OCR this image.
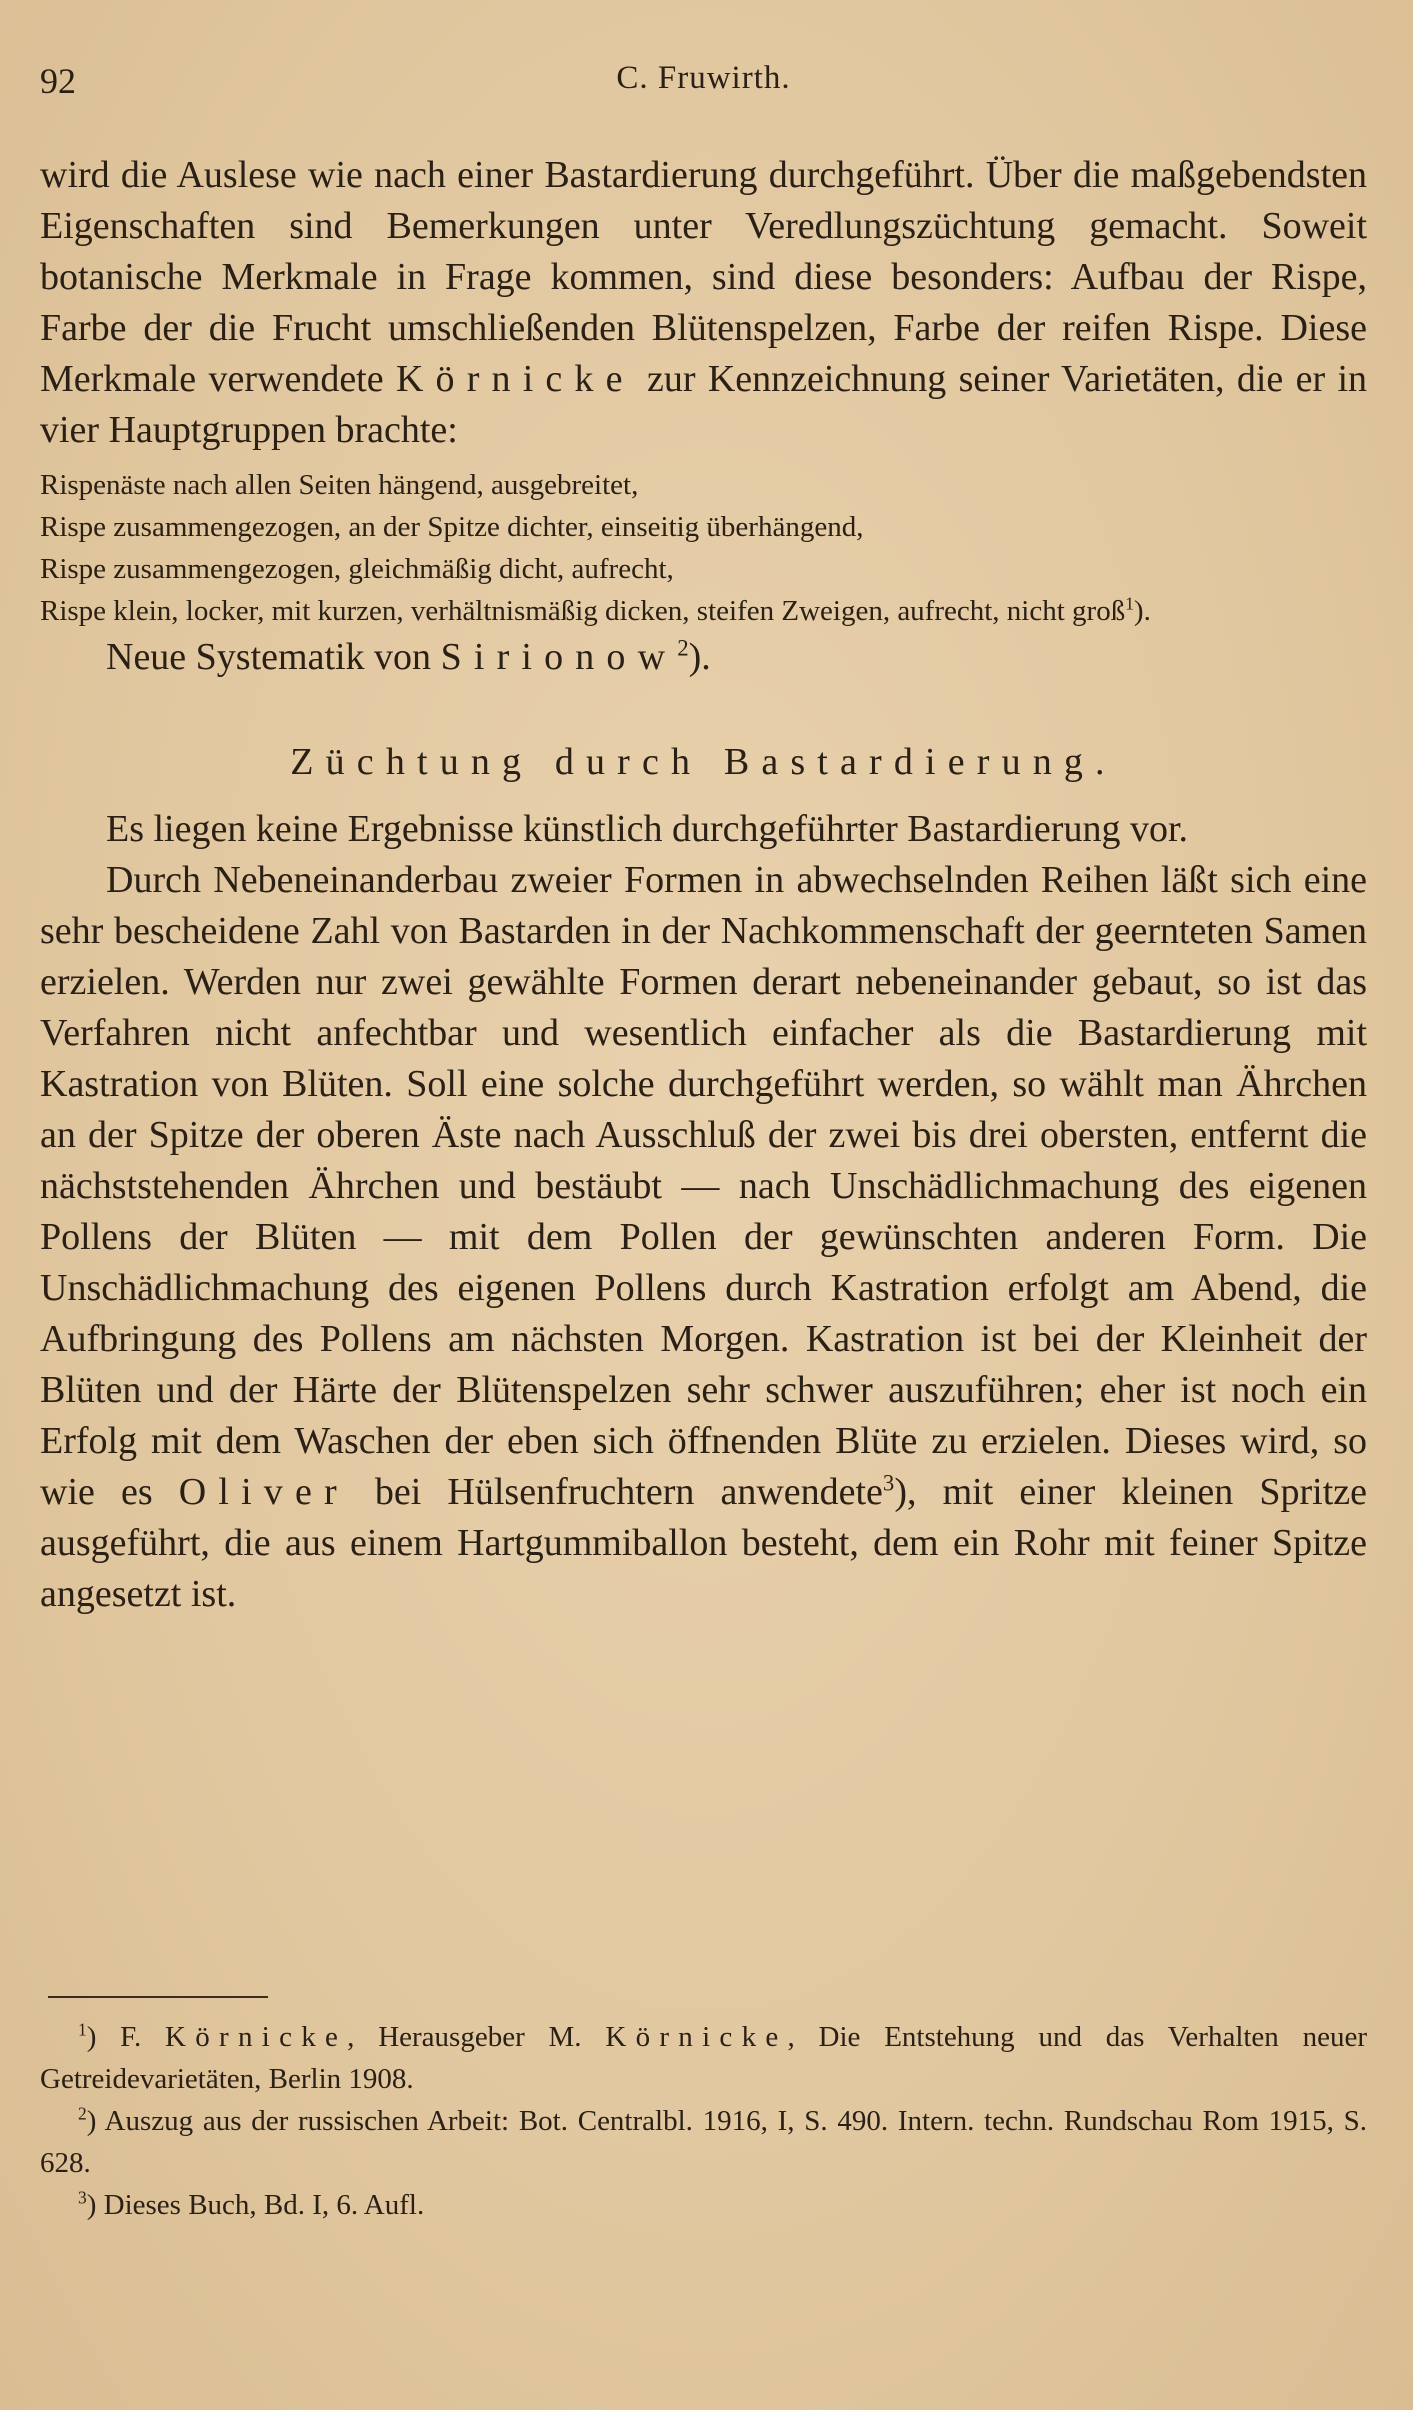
92	C. Fruwirth.

wird die Auslese wie nach einer Bastardierung durchgeführt. Über die maßgebendsten Eigenschaften sind Bemerkungen unter Veredlungszüchtung gemacht. Soweit botanische Merkmale in Frage kommen, sind diese besonders: Aufbau der Rispe, Farbe der die Frucht umschließenden Blütenspelzen, Farbe der reifen Rispe. Diese Merkmale verwendete Körnicke zur Kennzeichnung seiner Varietäten, die er in vier Hauptgruppen brachte:

Rispenäste nach allen Seiten hängend, ausgebreitet,
Rispe zusammengezogen, an der Spitze dichter, einseitig überhängend,
Rispe zusammengezogen, gleichmäßig dicht, aufrecht,
Rispe klein, locker, mit kurzen, verhältnismäßig dicken, steifen Zweigen, aufrecht, nicht groß$^1$).

Neue Systematik von Sirionow$^2$).

Züchtung durch Bastardierung.

Es liegen keine Ergebnisse künstlich durchgeführter Bastardierung vor.

Durch Nebeneinanderbau zweier Formen in abwechselnden Reihen läßt sich eine sehr bescheidene Zahl von Bastarden in der Nachkommenschaft der geernteten Samen erzielen. Werden nur zwei gewählte Formen derart nebeneinander gebaut, so ist das Verfahren nicht anfechtbar und wesentlich einfacher als die Bastardierung mit Kastration von Blüten. Soll eine solche durchgeführt werden, so wählt man Ährchen an der Spitze der oberen Äste nach Ausschluß der zwei bis drei obersten, entfernt die nächststehenden Ährchen und bestäubt — nach Unschädlichmachung des eigenen Pollens der Blüten — mit dem Pollen der gewünschten anderen Form. Die Unschädlichmachung des eigenen Pollens durch Kastration erfolgt am Abend, die Aufbringung des Pollens am nächsten Morgen. Kastration ist bei der Kleinheit der Blüten und der Härte der Blütenspelzen sehr schwer auszuführen; eher ist noch ein Erfolg mit dem Waschen der eben sich öffnenden Blüte zu erzielen. Dieses wird, so wie es Oliver bei Hülsenfruchtern anwendete$^3$), mit einer kleinen Spritze ausgeführt, die aus einem Hartgummiballon besteht, dem ein Rohr mit feiner Spitze angesetzt ist.

$^1$) F. Körnicke, Herausgeber M. Körnicke, Die Entstehung und das Verhalten neuer Getreidevarietäten, Berlin 1908.

$^2$) Auszug aus der russischen Arbeit: Bot. Centralbl. 1916, I, S. 490. Intern. techn. Rundschau Rom 1915, S. 628.

$^3$) Dieses Buch, Bd. I, 6. Aufl.
